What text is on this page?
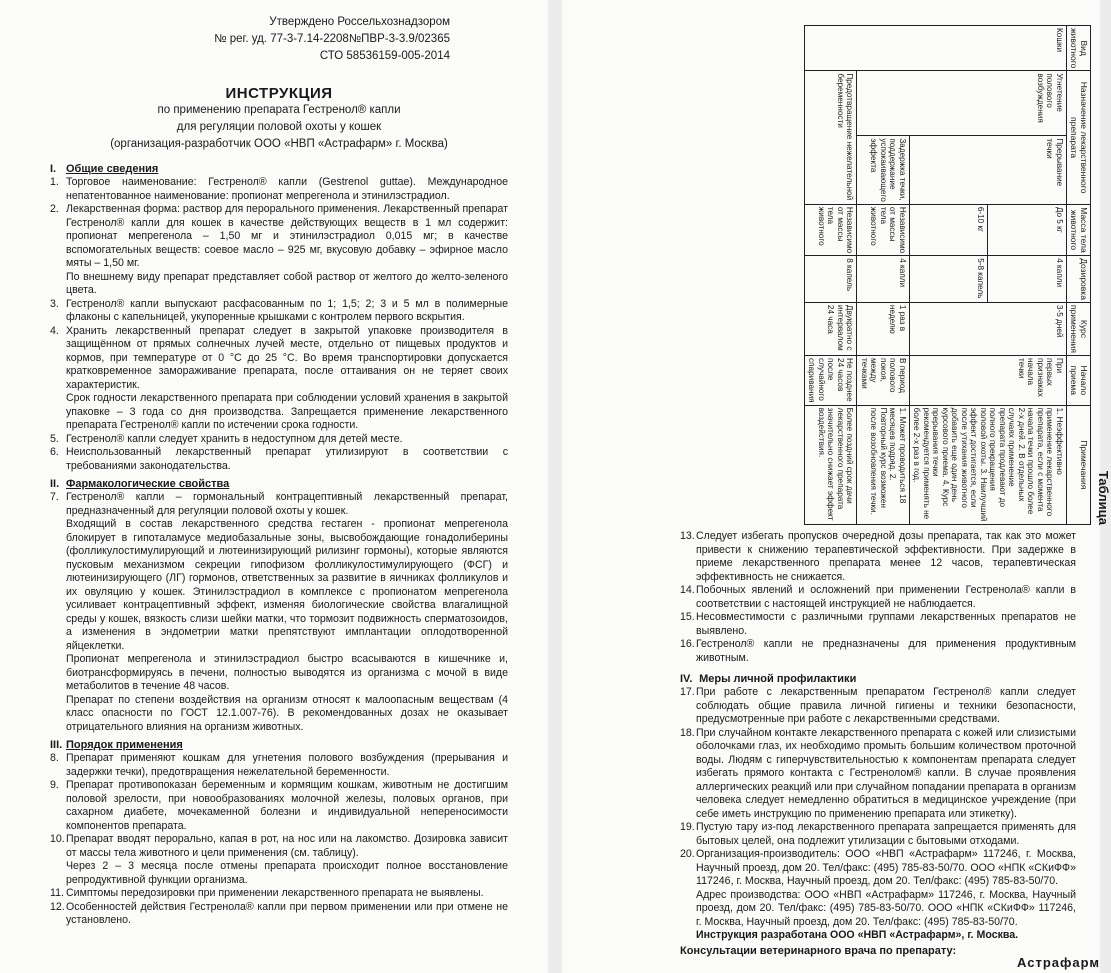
Утверждено Россельхознадзором
№ рег. уд. 77-3-7.14-2208№ПВР-3-3.9/02365
СТО 58536159-005-2014
ИНСТРУКЦИЯ
по применению препарата Гестренол® капли
для регуляции половой охоты у кошек
(организация-разработчик ООО «НВП «Астрафарм» г. Москва)
I. Общие сведения
1. Торговое наименование: Гестренол® капли (Gestrenol guttae). Международное непатентованное наименование: пропионат мепрегенола и этинилэстрадиол.
2. Лекарственная форма: раствор для перорального применения. Лекарственный препарат Гестренол® капли для кошек в качестве действующих веществ в 1 мл содержит: пропионат мепрегенола – 1,50 мг и этинилэстрадиол 0,015 мг; в качестве вспомогательных веществ: соевое масло – 925 мг, вкусовую добавку – эфирное масло мяты – 1,50 мг.
По внешнему виду препарат представляет собой раствор от желтого до желто-зеленого цвета.
3. Гестренол® капли выпускают расфасованным по 1; 1,5; 2; 3 и 5 мл в полимерные флаконы с капельницей, укупоренные крышками с контролем первого вскрытия.
4. Хранить лекарственный препарат следует в закрытой упаковке производителя в защищённом от прямых солнечных лучей месте, отдельно от пищевых продуктов и кормов, при температуре от 0 °С до 25 °С. Во время транспортировки допускается кратковременное замораживание препарата, после оттаивания он не теряет своих характеристик.
Срок годности лекарственного препарата при соблюдении условий хранения в закрытой упаковке – 3 года со дня производства. Запрещается применение лекарственного препарата Гестренол® капли по истечении срока годности.
5. Гестренол® капли следует хранить в недоступном для детей месте.
6. Неиспользованный лекарственный препарат утилизируют в соответствии с требованиями законодательства.
II. Фармакологические свойства
7. Гестренол® капли – гормональный контрацептивный лекарственный препарат, предназначенный для регуляции половой охоты у кошек.
Входящий в состав лекарственного средства гестаген - пропионат мепрегенола блокирует в гипоталамусе медиобазальные зоны, высвобождающие гонадолиберины (фолликулостимулирующий и лютеинизирующий рилизинг гормоны), которые являются пусковым механизмом секреции гипофизом фолликулостимулирующего (ФСГ) и лютеинизирующего (ЛГ) гормонов, ответственных за развитие в яичниках фолликулов и их овуляцию у кошек. Этинилэстрадиол в комплексе с пропионатом мепрегенола усиливает контрацептивный эффект, изменяя биологические свойства влагалищной среды у кошек, вязкость слизи шейки матки, что тормозит подвижность сперматозоидов, а изменения в эндометрии матки препятствуют имплантации оплодотворенной яйцеклетки.
Пропионат мепрегенола и этинилэстрадиол быстро всасываются в кишечнике и, биотрансформируясь в печени, полностью выводятся из организма с мочой в виде метаболитов в течение 48 часов.
Препарат по степени воздействия на организм относят к малоопасным веществам (4 класс опасности по ГОСТ 12.1.007-76). В рекомендованных дозах не оказывает отрицательного влияния на организм животных.
III. Порядок применения
8. Препарат применяют кошкам для угнетения полового возбуждения (прерывания и задержки течки), предотвращения нежелательной беременности.
9. Препарат противопоказан беременным и кормящим кошкам, животным не достигшим половой зрелости, при новообразованиях молочной железы, половых органов, при сахарном диабете, мочекаменной болезни и индивидуальной непереносимости компонентов препарата.
10. Препарат вводят перорально, капая в рот, на нос или на лакомство. Дозировка зависит от массы тела животного и цели применения (см. таблицу).
Через 2 – 3 месяца после отмены препарата происходит полное восстановление репродуктивной функции организма.
11. Симптомы передозировки при применении лекарственного препарата не выявлены.
12. Особенностей действия Гестренола® капли при первом применении или при отмене не установлено.
Таблица
Вид животного	Назначение лекарственного препарата		Масса тела животного	Дозировка	Курс применения	Начало приема	Примечания
Кошки	Угнетение полового возбуждения	Прерывание течки	До 5 кг	4 капли	3-5 дней	При первых признаках начала течки	1. Неэффективно применение лекарственного препарата, если с момента начала течки прошло более 2-х дней. 2. В отдельных случаях применение препарата продлевают до полного прекращения половой охоты. 3. Наилучший эффект достигается, если после утихания животного добавить еще один день курсового приема. 4. Курс прерывания течки рекомендуется применять не более 2-х раз в год.
			6-10 кг	5-8 капель			
		Задержка течки, поддержание успокаивающего эффекта	Независимо от массы тела животного	4 капли	1 раз в неделю	В период полового покоя, между течками	1. Может проводиться 18 месяцев подряд. 2. Повторный курс возможен после возобновления течки.
	Предотвращение нежелательной беременности		Независимо от массы тела животного	8 капель	Двукратно с интервалом 24 часа	Не позднее 24 часов после случайного спаривания	Более поздний срок дачи лекарственного препарата значительно снижает эффект воздействия.
13. Следует избегать пропусков очередной дозы препарата, так как это может привести к снижению терапевтической эффективности. При задержке в приеме лекарственного препарата менее 12 часов, терапевтическая эффективность не снижается.
14. Побочных явлений и осложнений при применении Гестренола® капли в соответствии с настоящей инструкцией не наблюдается.
15. Несовместимости с различными группами лекарственных препаратов не выявлено.
16. Гестренол® капли не предназначены для применения продуктивным животным.
IV. Меры личной профилактики
17. При работе с лекарственным препаратом Гестренол® капли следует соблюдать общие правила личной гигиены и техники безопасности, предусмотренные при работе с лекарственными средствами.
18. При случайном контакте лекарственного препарата с кожей или слизистыми оболочками глаз, их необходимо промыть большим количеством проточной воды. Людям с гиперчувствительностью к компонентам препарата следует избегать прямого контакта с Гестренолом® капли. В случае проявления аллергических реакций или при случайном попадании препарата в организм человека следует немедленно обратиться в медицинское учреждение (при себе иметь инструкцию по применению препарата или этикетку).
19. Пустую тару из-под лекарственного препарата запрещается применять для бытовых целей, она подлежит утилизации с бытовыми отходами.
20. Организация-производитель: ООО «НВП «Астрафарм» 117246, г. Москва, Научный проезд, дом 20. Тел/факс: (495) 785-83-50/70. ООО «НПК «СКиФФ» 117246, г. Москва, Научный проезд, дом 20. Тел/факс: (495) 785-83-50/70.
Адрес производства: ООО «НВП «Астрафарм» 117246, г. Москва, Научный проезд, дом 20. Тел/факс: (495) 785-83-50/70. ООО «НПК «СКиФФ» 117246, г. Москва, Научный проезд, дом 20. Тел/факс: (495) 785-83-50/70.
Инструкция разработана ООО «НВП «Астрафарм», г. Москва.
Консультации ветеринарного врача по препарату:
Астрафарм
